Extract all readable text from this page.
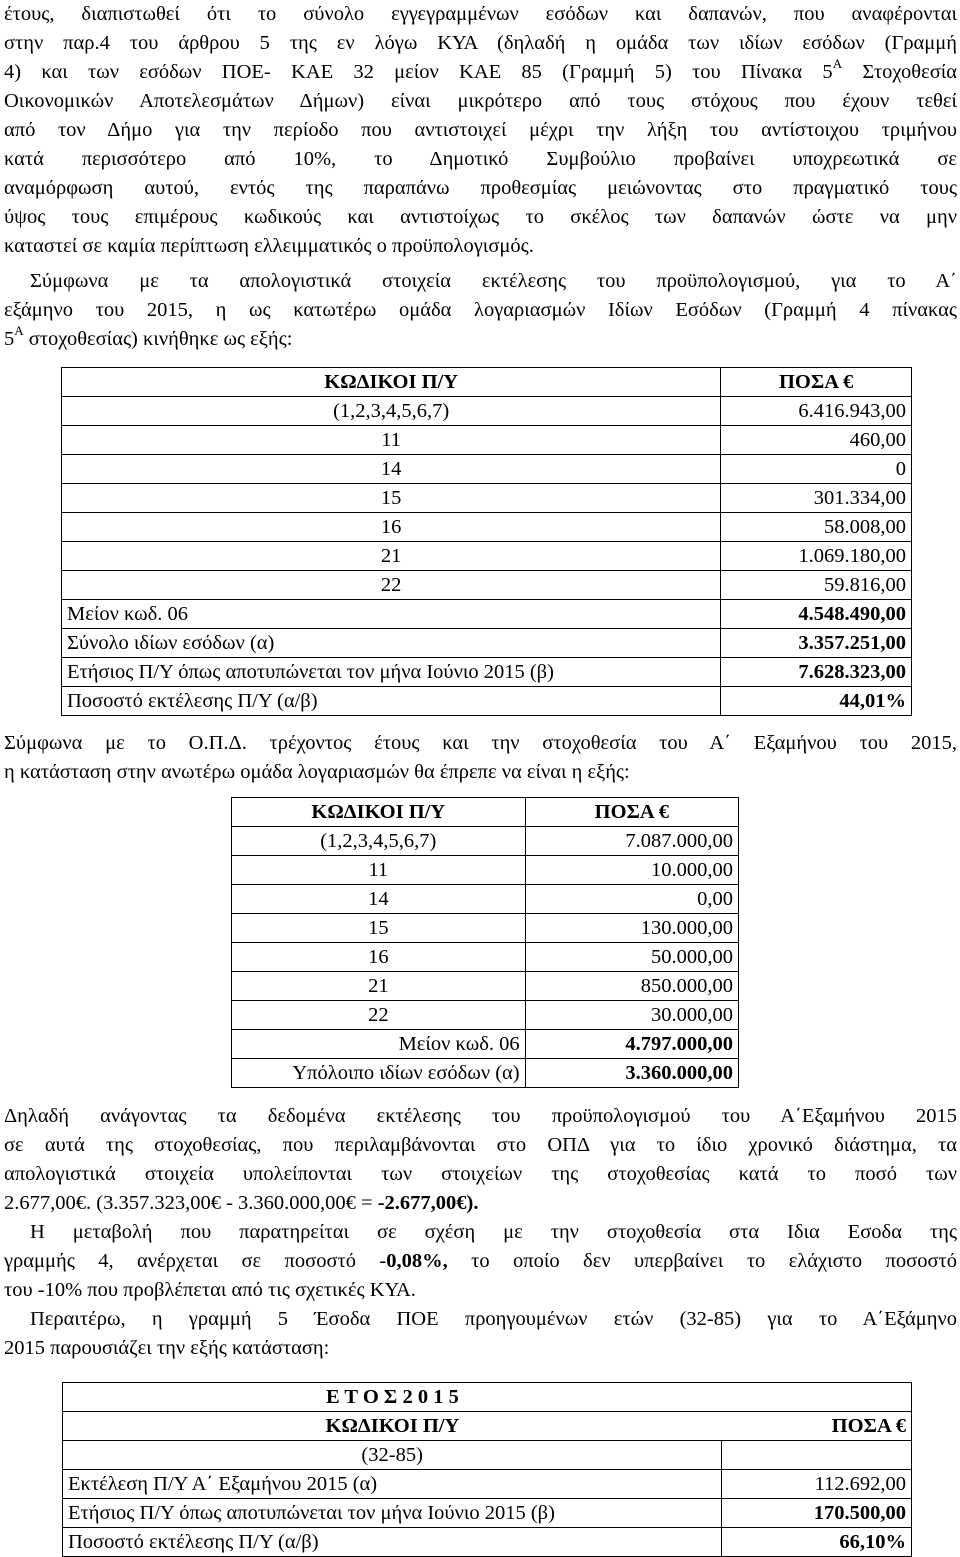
έτους, διαπιστωθεί ότι το σύνολο εγγεγραμμένων εσόδων και δαπανών, που αναφέρονται
στην παρ.4 του άρθρου 5 της εν λόγω ΚΥΑ (δηλαδή η ομάδα των ιδίων εσόδων (Γραμμή
4) και των εσόδων ΠΟΕ- ΚΑΕ 32 μείον ΚΑΕ 85 (Γραμμή 5) του Πίνακα $5^A$ Στοχοθεσία
Οικονομικών Αποτελεσμάτων Δήμων) είναι μικρότερο από τους στόχους που έχουν τεθεί
από τον Δήμο για την περίοδο που αντιστοιχεί μέχρι την λήξη του αντίστοιχου τριμήνου
κατά περισσότερο από 10%, το Δημοτικό Συμβούλιο προβαίνει υποχρεωτικά σε
αναμόρφωση αυτού, εντός της παραπάνω προθεσμίας μειώνοντας στο πραγματικό τους
ύψος τους επιμέρους κωδικούς και αντιστοίχως το σκέλος των δαπανών ώστε να μην
καταστεί σε καμία περίπτωση ελλειμματικός ο προϋπολογισμός.
Σύμφωνα με τα απολογιστικά στοιχεία εκτέλεσης του προϋπολογισμού, για το Α΄
εξάμηνο του 2015, η ως κατωτέρω ομάδα λογαριασμών Ιδίων Εσόδων (Γραμμή 4 πίνακας
$5^A$ στοχοθεσίας) κινήθηκε ως εξής:
ΚΩΔΙΚΟΙ Π/Υ	ΠΟΣΑ €
(1,2,3,4,5,6,7)	6.416.943,00
11	460,00
14	0
15	301.334,00
16	58.008,00
21	1.069.180,00
22	59.816,00
Μείον κωδ. 06	4.548.490,00
Σύνολο ιδίων εσόδων (α)	3.357.251,00
Ετήσιος Π/Υ όπως αποτυπώνεται τον μήνα Ιούνιο 2015 (β)	7.628.323,00
Ποσοστό εκτέλεσης Π/Υ (α/β)	44,01%
Σύμφωνα με το Ο.Π.Δ. τρέχοντος έτους και την στοχοθεσία του Α΄ Εξαμήνου του 2015,
η κατάσταση στην ανωτέρω ομάδα λογαριασμών θα έπρεπε να είναι η εξής:
ΚΩΔΙΚΟΙ Π/Υ	ΠΟΣΑ €
(1,2,3,4,5,6,7)	7.087.000,00
11	10.000,00
14	0,00
15	130.000,00
16	50.000,00
21	850.000,00
22	30.000,00
Μείον κωδ. 06	4.797.000,00
Υπόλοιπο ιδίων εσόδων (α)	3.360.000,00
Δηλαδή ανάγοντας τα δεδομένα εκτέλεσης του προϋπολογισμού του Α΄Εξαμήνου 2015
σε αυτά της στοχοθεσίας, που περιλαμβάνονται στο ΟΠΔ για το ίδιο χρονικό διάστημα, τα
απολογιστικά στοιχεία υπολείπονται των στοιχείων της στοχοθεσίας κατά το ποσό των
2.677,00€. (3.357.323,00€ - 3.360.000,00€ = -2.677,00€).
Η μεταβολή που παρατηρείται σε σχέση με την στοχοθεσία στα Ιδια Εσοδα της
γραμμής 4, ανέρχεται σε ποσοστό -0,08%, το οποίο δεν υπερβαίνει το ελάχιστο ποσοστό
του -10% που προβλέπεται από τις σχετικές ΚΥΑ.
Περαιτέρω, η γραμμή 5 Έσοδα ΠΟΕ προηγουμένων ετών (32-85) για το Α΄Εξάμηνο
2015 παρουσιάζει την εξής κατάσταση:
Ε Τ Ο Σ 2 0 1 5	
ΚΩΔΙΚΟΙ Π/Υ	ΠΟΣΑ €
(32-85)	
Εκτέλεση Π/Υ Α΄ Εξαμήνου 2015 (α)	112.692,00
Ετήσιος Π/Υ όπως αποτυπώνεται τον μήνα Ιούνιο 2015 (β)	170.500,00
Ποσοστό εκτέλεσης Π/Υ (α/β)	66,10%
